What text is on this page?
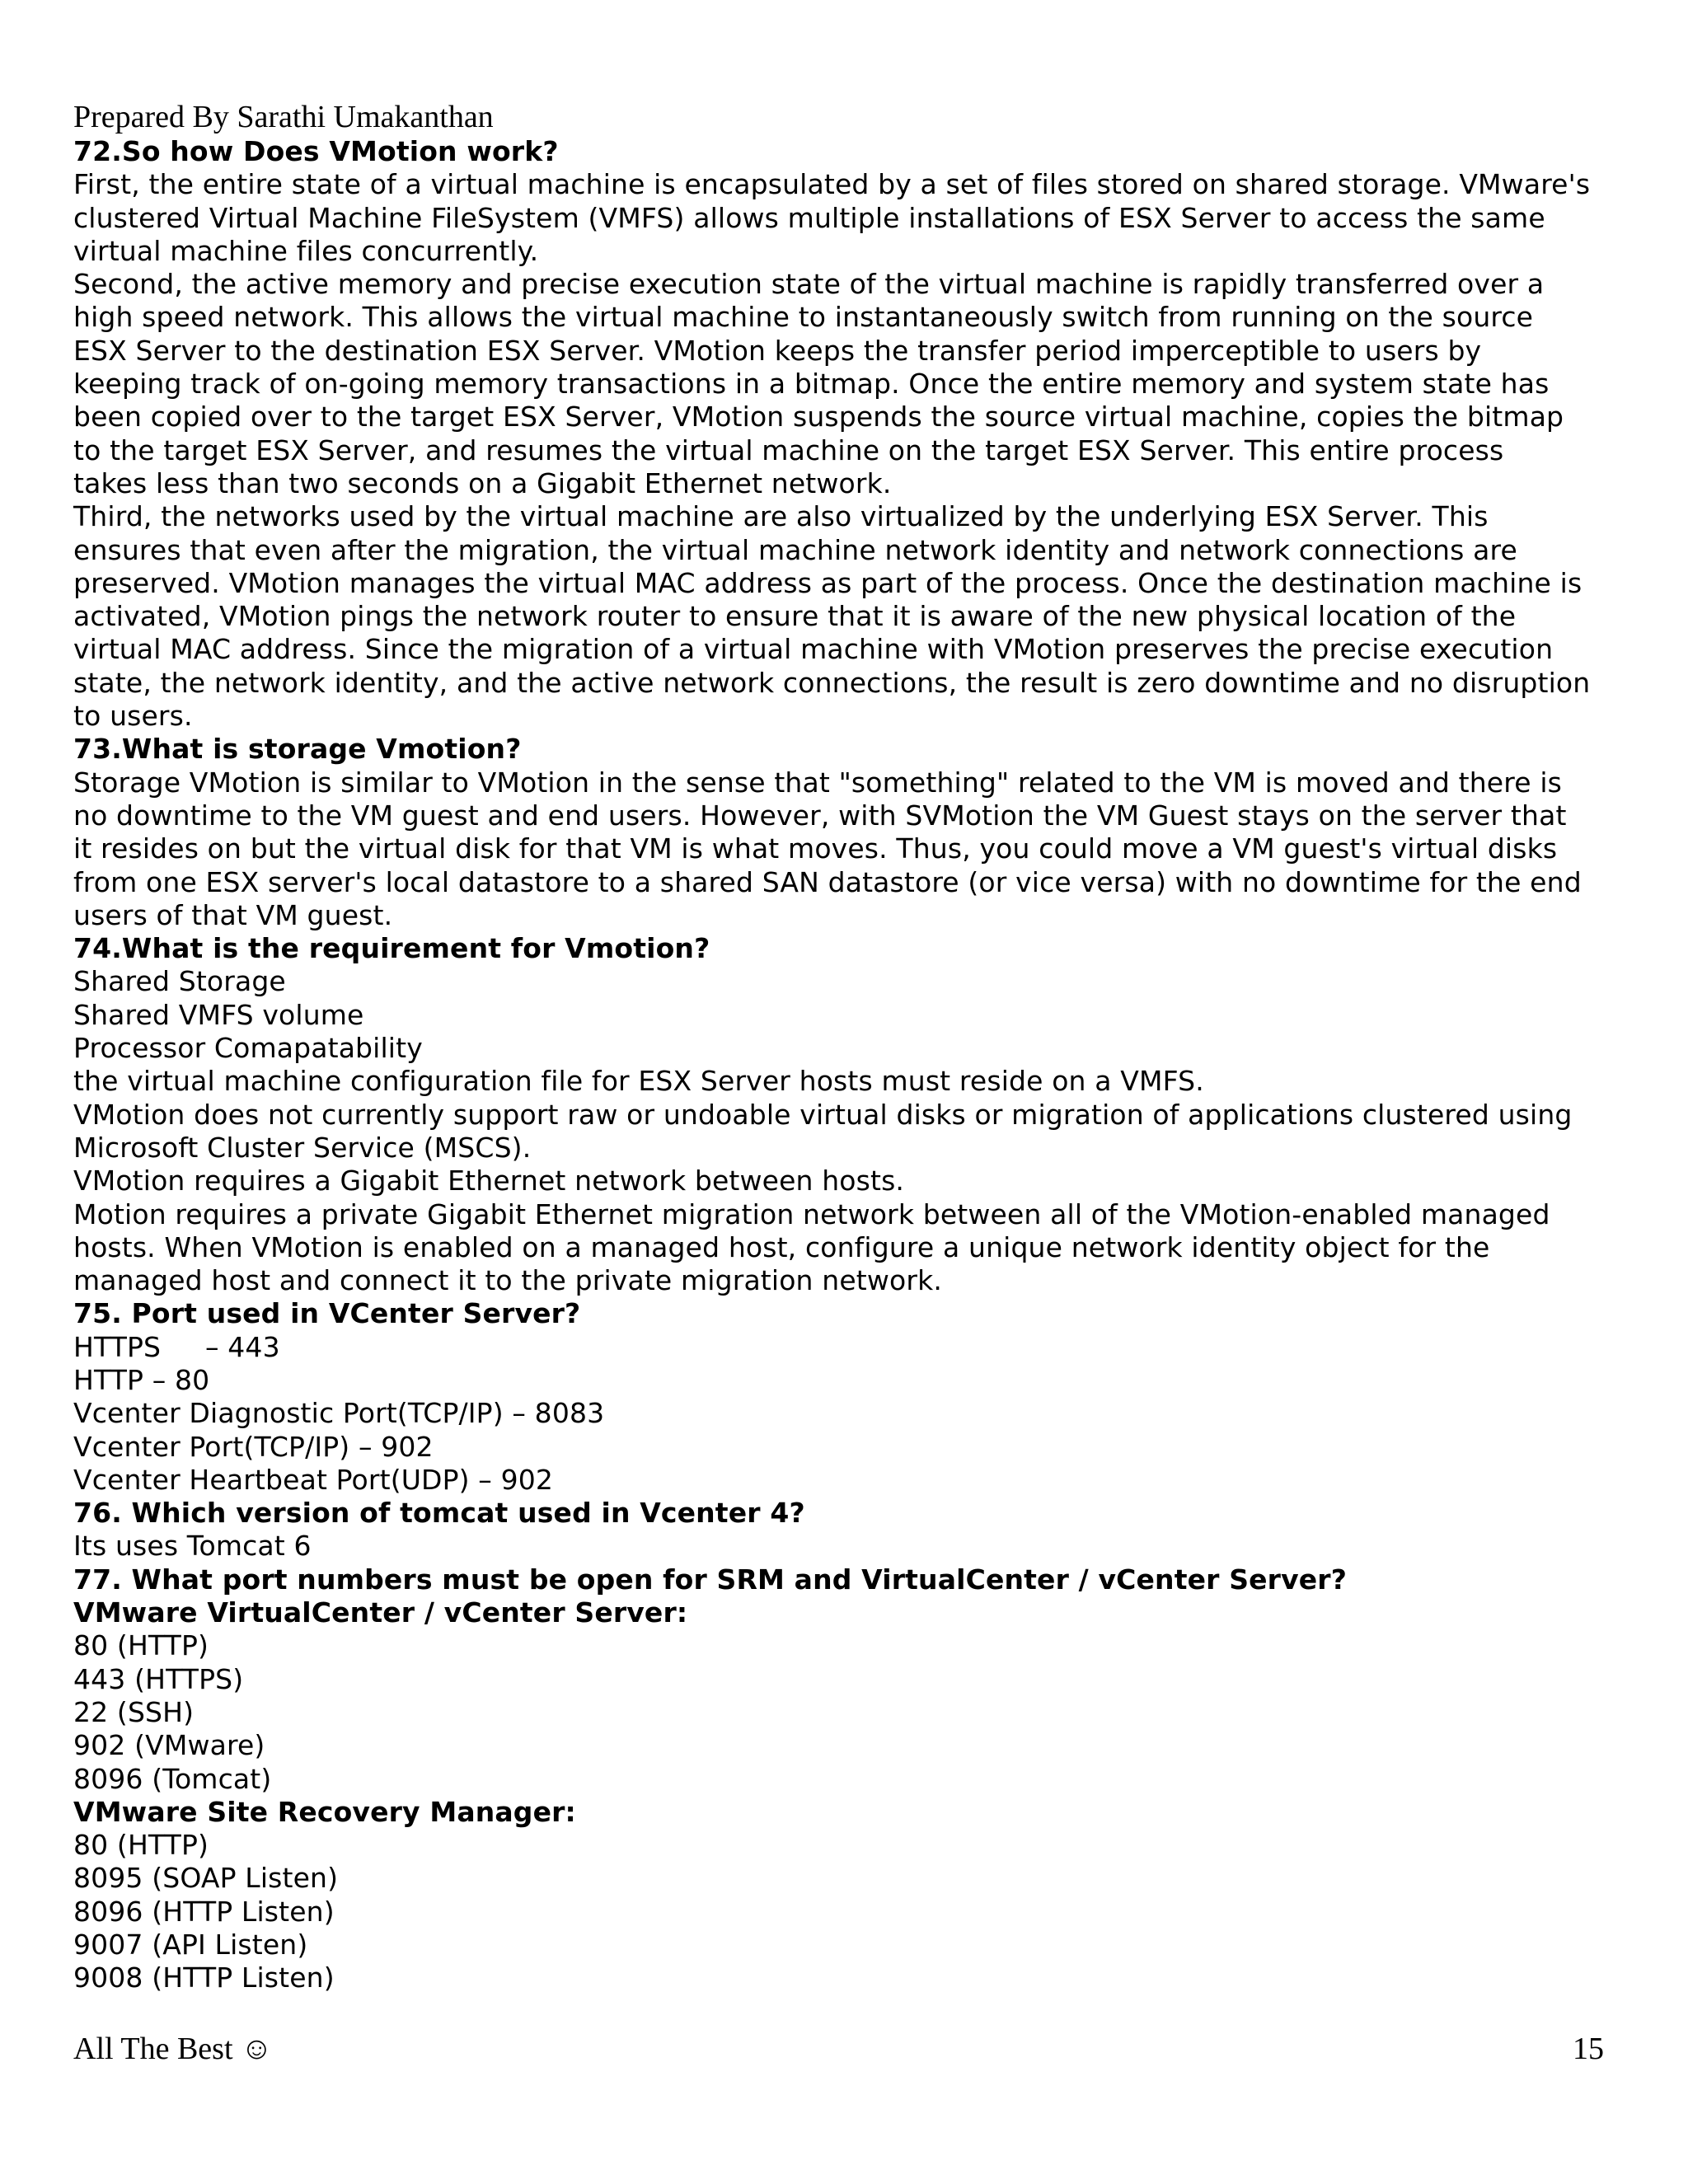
Prepared By Sarathi Umakanthan
72.So how Does VMotion work?
First, the entire state of a virtual machine is encapsulated by a set of files stored on shared storage. VMware's
clustered Virtual Machine FileSystem (VMFS) allows multiple installations of ESX Server to access the same
virtual machine files concurrently.
Second, the active memory and precise execution state of the virtual machine is rapidly transferred over a
high speed network. This allows the virtual machine to instantaneously switch from running on the source
ESX Server to the destination ESX Server. VMotion keeps the transfer period imperceptible to users by
keeping track of on-going memory transactions in a bitmap. Once the entire memory and system state has
been copied over to the target ESX Server, VMotion suspends the source virtual machine, copies the bitmap
to the target ESX Server, and resumes the virtual machine on the target ESX Server. This entire process
takes less than two seconds on a Gigabit Ethernet network.
Third, the networks used by the virtual machine are also virtualized by the underlying ESX Server. This
ensures that even after the migration, the virtual machine network identity and network connections are
preserved. VMotion manages the virtual MAC address as part of the process. Once the destination machine is
activated, VMotion pings the network router to ensure that it is aware of the new physical location of the
virtual MAC address. Since the migration of a virtual machine with VMotion preserves the precise execution
state, the network identity, and the active network connections, the result is zero downtime and no disruption
to users.
73.What is storage Vmotion?
Storage VMotion is similar to VMotion in the sense that "something" related to the VM is moved and there is
no downtime to the VM guest and end users. However, with SVMotion the VM Guest stays on the server that
it resides on but the virtual disk for that VM is what moves. Thus, you could move a VM guest's virtual disks
from one ESX server's local datastore to a shared SAN datastore (or vice versa) with no downtime for the end
users of that VM guest.
74.What is the requirement for Vmotion?
Shared Storage
Shared VMFS volume
Processor Comapatability
the virtual machine configuration file for ESX Server hosts must reside on a VMFS.
VMotion does not currently support raw or undoable virtual disks or migration of applications clustered using
Microsoft Cluster Service (MSCS).
VMotion requires a Gigabit Ethernet network between hosts.
Motion requires a private Gigabit Ethernet migration network between all of the VMotion-enabled managed
hosts. When VMotion is enabled on a managed host, configure a unique network identity object for the
managed host and connect it to the private migration network.
75. Port used in VCenter Server?
HTTPS – 443
HTTP – 80
Vcenter Diagnostic Port(TCP/IP) – 8083
Vcenter Port(TCP/IP) – 902
Vcenter Heartbeat Port(UDP) – 902
76. Which version of tomcat used in Vcenter 4?
Its uses Tomcat 6
77. What port numbers must be open for SRM and VirtualCenter / vCenter Server?
VMware VirtualCenter / vCenter Server:
80 (HTTP)
443 (HTTPS)
22 (SSH)
902 (VMware)
8096 (Tomcat)
VMware Site Recovery Manager:
80 (HTTP)
8095 (SOAP Listen)
8096 (HTTP Listen)
9007 (API Listen)
9008 (HTTP Listen)
All The Best ☺	15
